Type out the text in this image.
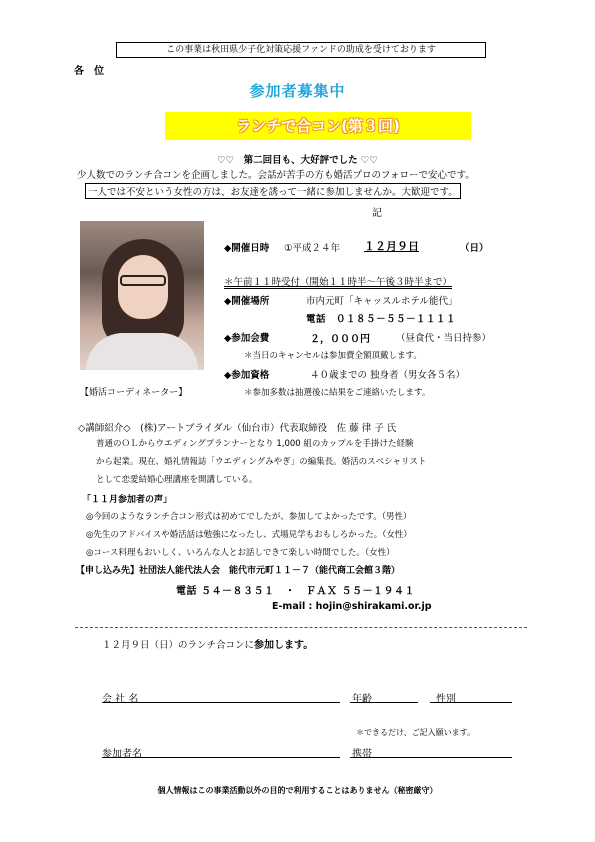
この事業は秋田県少子化対策応援ファンドの助成を受けております
各　位
参加者募集中
ランチで合コン(第３回)
♡♡　第二回目も、大好評でした ♡♡
少人数でのランチ合コンを企画しました。会話が苦手の方も婚活プロのフォローで安心です。
一人では不安という女性の方は、お友達を誘って一緒に参加しませんか。大歓迎です。
記
【婚活コーディネーター】
◆開催日時 ①平成２４年 １２月９日	（日）
＊午前１１時受付（開始１１時半～午後３時半まで）
◆開催場所	市内元町「キャッスルホテル能代」
電話　０１８５－５５－１１１１
◆参加会費	２，０００円	（昼食代・当日持参）
＊当日のキャンセルは参加費全額頂戴します。
◆参加資格	４０歳までの 独身者（男女各５名）
＊参加多数は抽選後に結果をご連絡いたします。
◇講師紹介◇　(株)アートブライダル（仙台市）代表取締役　佐 藤 律 子 氏
普通のＯＬからウエディングプランナーとなり 1,000 組のカップルを手掛けた経験
から起業。現在、婚礼情報誌「ウエディングみやぎ」の編集長。婚活のスペシャリスト
として恋愛結婚心理講座を開講している。
「１１月参加者の声」
◎今回のようなランチ合コン形式は初めてでしたが、参加してよかったです。（男性）
◎先生のアドバイスや婚活話は勉強になったし、式場見学もおもしろかった。（女性）
◎コース料理もおいしく、いろんな人とお話しできて楽しい時間でした。（女性）
【申し込み先】社団法人能代法人会　能代市元町１１－７（能代商工会館３階）
電話 ５４－８３５１　・　ＦＡＸ ５５－１９４１
E-mail : hojin@shirakami.or.jp
１２月９日（日）のランチ合コンに参加します。
会 社 名	年齢	性別
＊できるだけ、ご記入願います。
参加者名	携帯
個人情報はこの事業活動以外の目的で利用することはありません（秘密厳守）
